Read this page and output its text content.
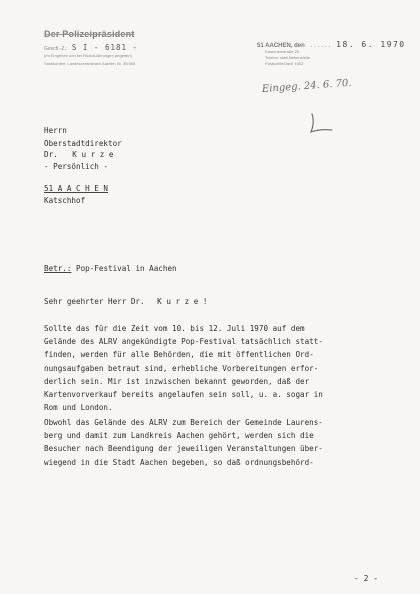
Der Polizeipräsident
Gesch.-Z.: S I - 6181 -
(Im Eingehen und bei Rückäußerungen angeben)
Sankkonten: Landeszentralbank Aachen Nr. 39/465
51 AACHEN, den ...... 18. 6. 1970
Kasernenstraße 25
Telefon: statt Nebenstelle
Postschließfach 1002
Eingeg. 24. 6. 70.
Herrn
Oberstadtdirektor
Dr. K u r z e
- Persönlich -
51 A A C H E N
Katschhof
Betr.: Pop-Festival in Aachen
Sehr geehrter Herr Dr. K u r z e !
Sollte das für die Zeit vom 10. bis 12. Juli 1970 auf dem
Gelände des ALRV angekündigte Pop-Festival tatsächlich statt-
finden, werden für alle Behörden, die mit öffentlichen Ord-
nungsaufgaben betraut sind, erhebliche Vorbereitungen erfor-
derlich sein. Mir ist inzwischen bekannt geworden, daß der
Kartenvorverkauf bereits angelaufen sein soll, u. a. sogar in
Rom und London.
Obwohl das Gelände des ALRV zum Bereich der Gemeinde Laurens-
berg und damit zum Landkreis Aachen gehört, werden sich die
Besucher nach Beendigung der jeweiligen Veranstaltungen über-
wiegend in die Stadt Aachen begeben, so daß ordnungsbehörd-
- 2 -
